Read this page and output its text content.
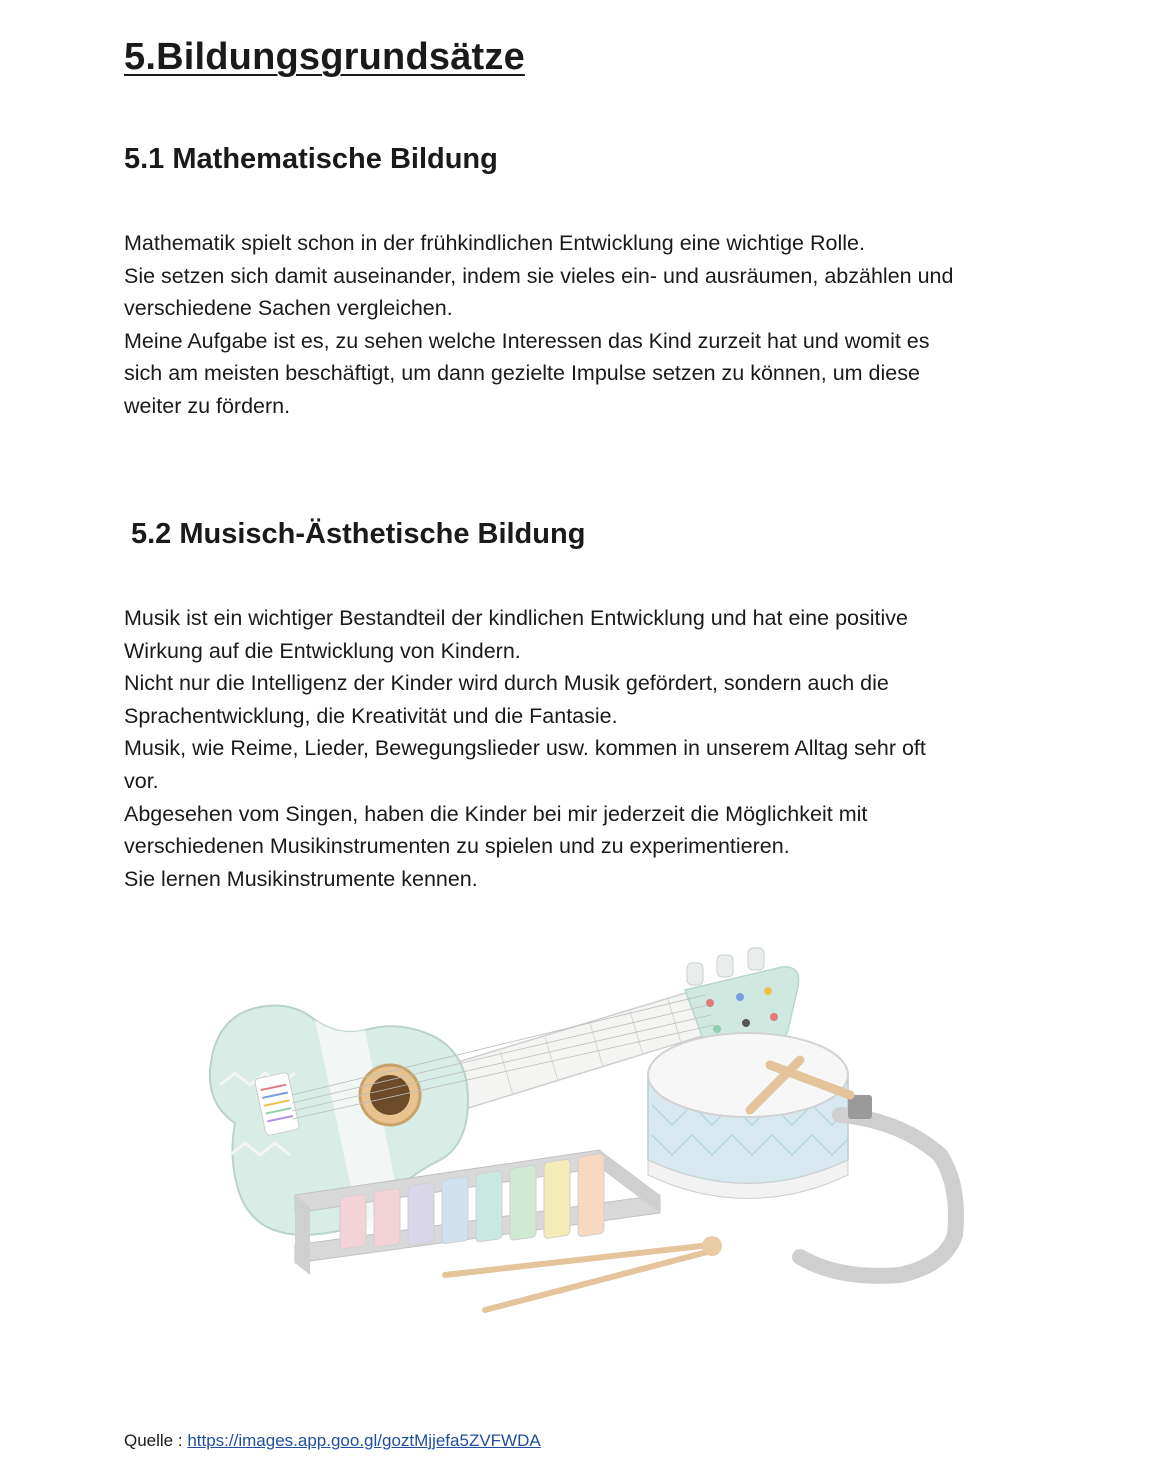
5.Bildungsgrundsätze
5.1 Mathematische Bildung

Mathematik spielt schon in der frühkindlichen Entwicklung eine wichtige Rolle.

Sie setzen sich damit auseinander, indem sie vieles ein- und ausräumen, abzählen und

verschiedene Sachen vergleichen.

Meine Aufgabe ist es, zu sehen welche Interessen das Kind zurzeit hat und womit es

sich am meisten beschäftigt, um dann gezielte Impulse setzen zu können, um diese

weiter zu fördern.

5.2 Musisch-Ästhetische Bildung

Musik ist ein wichtiger Bestandteil der kindlichen Entwicklung und hat eine positive

Wirkung auf die Entwicklung von Kindern.

Nicht nur die Intelligenz der Kinder wird durch Musik gefördert, sondern auch die

Sprachentwicklung, die Kreativität und die Fantasie.

Musik, wie Reime, Lieder, Bewegungslieder usw. kommen in unserem Alltag sehr oft

vor.

Abgesehen vom Singen, haben die Kinder bei mir jederzeit die Möglichkeit mit

verschiedenen Musikinstrumenten zu spielen und zu experimentieren.

Sie lernen Musikinstrumente kennen.

Quelle : https://images.app.goo.gl/goztMjjefa5ZVFWDA
